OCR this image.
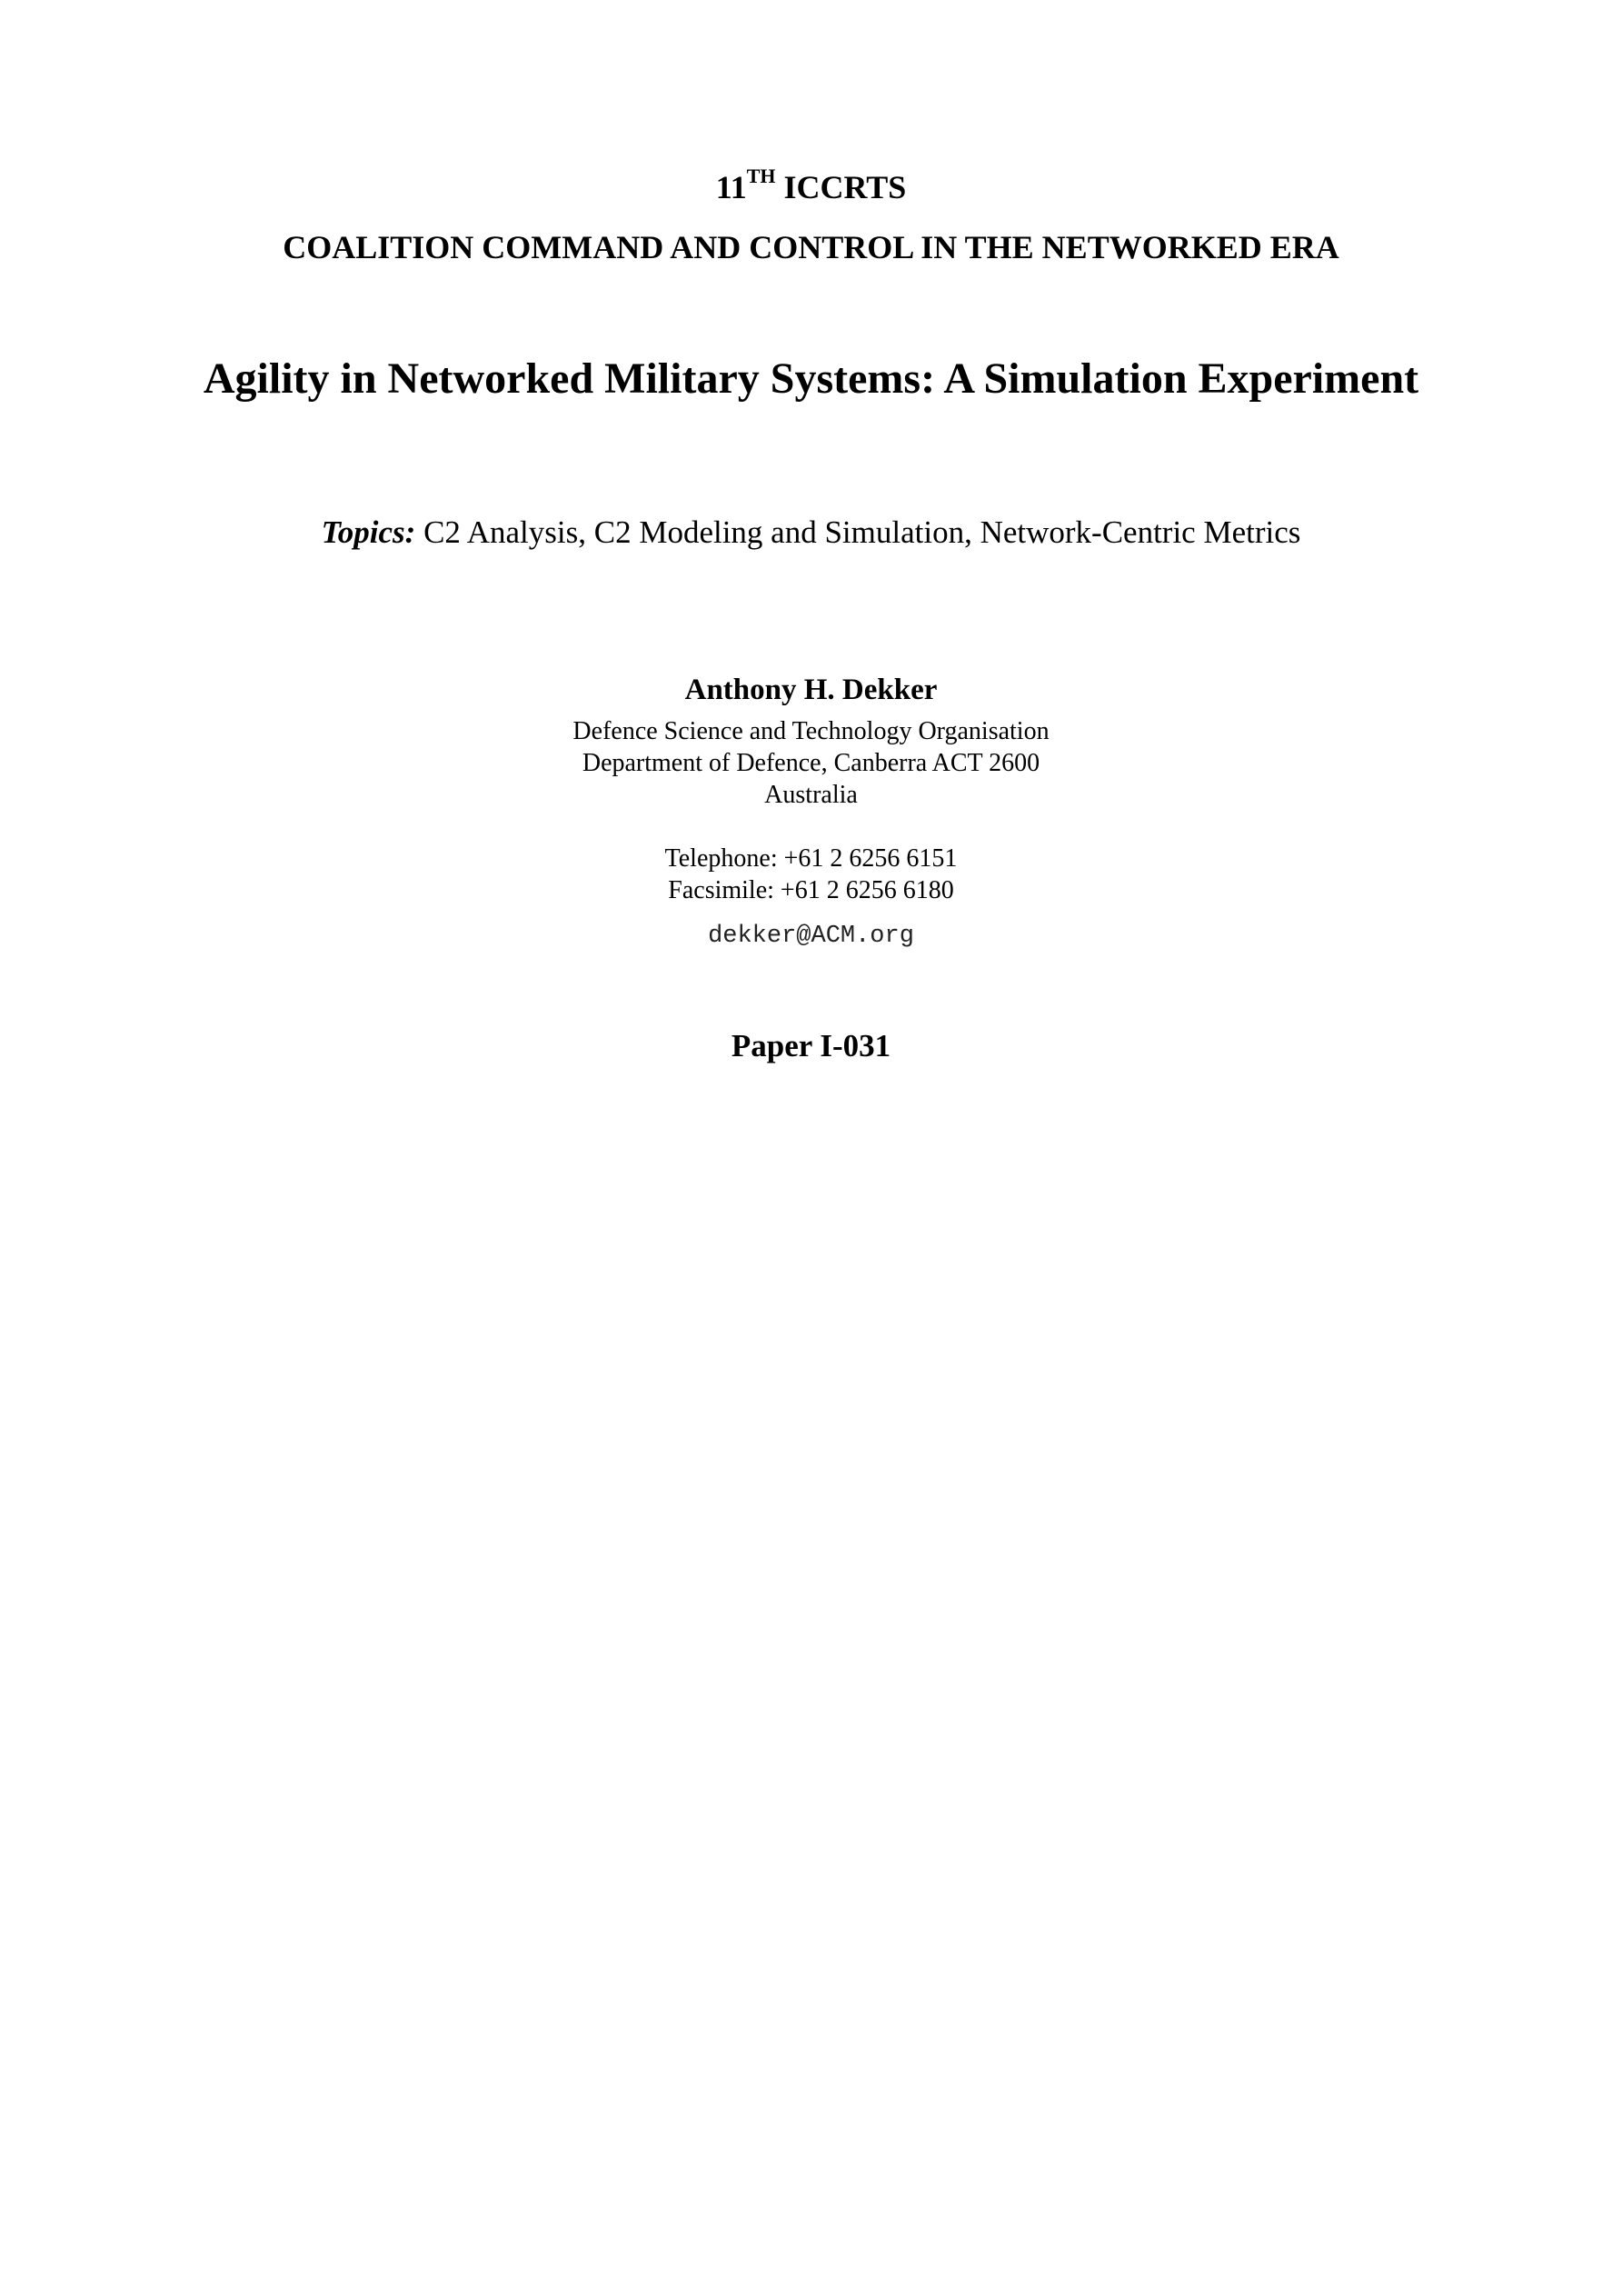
11TH ICCRTS
COALITION COMMAND AND CONTROL IN THE NETWORKED ERA
Agility in Networked Military Systems: A Simulation Experiment
Topics: C2 Analysis, C2 Modeling and Simulation, Network-Centric Metrics
Anthony H. Dekker
Defence Science and Technology Organisation
Department of Defence, Canberra ACT 2600
Australia
Telephone: +61 2 6256 6151
Facsimile: +61 2 6256 6180
dekker@ACM.org
Paper I-031
